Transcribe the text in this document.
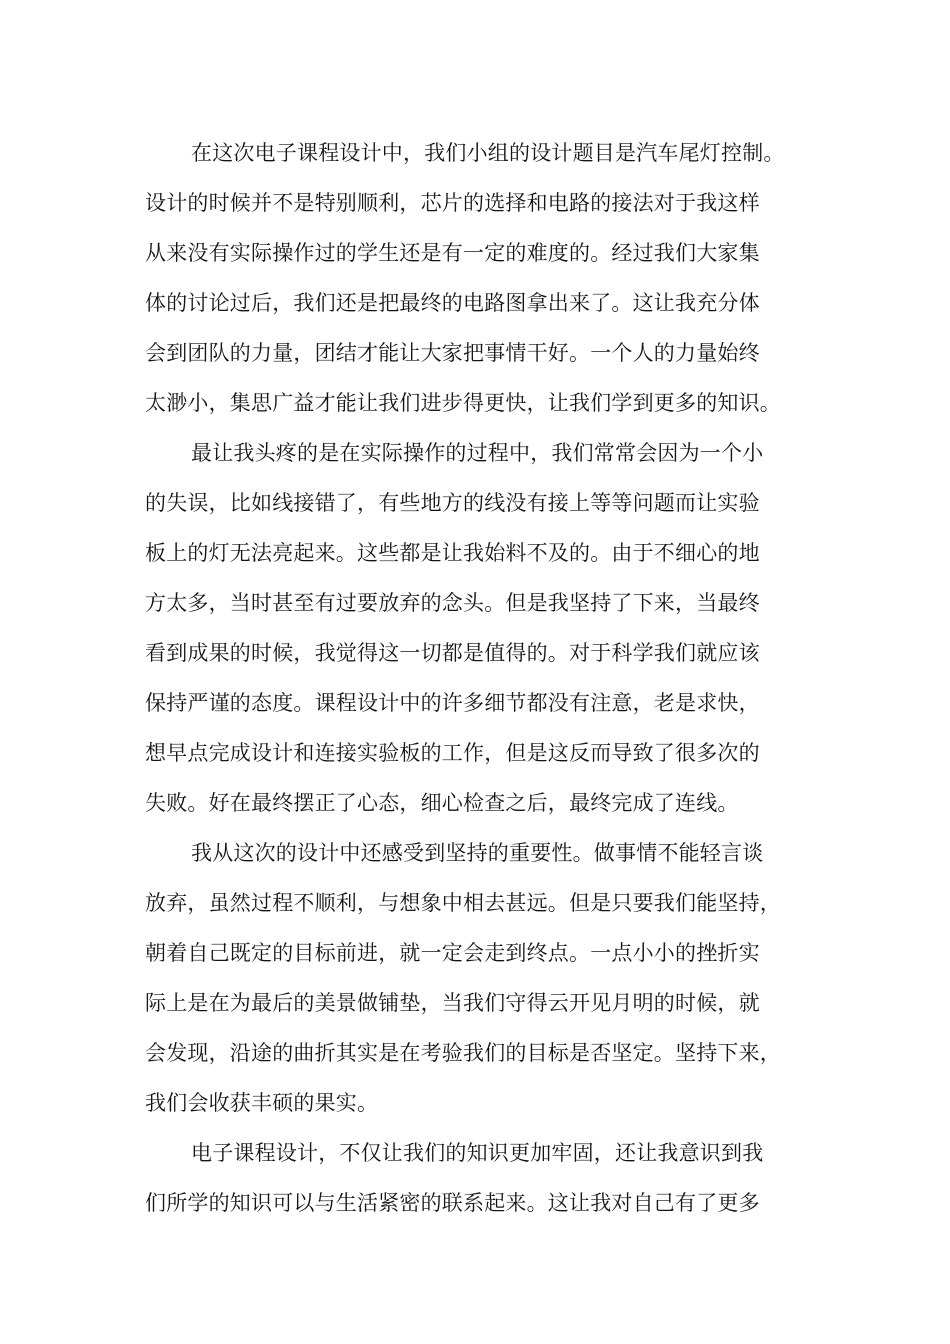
在这次电子课程设计中，我们小组的设计题目是汽车尾灯控制。
设计的时候并不是特别顺利，芯片的选择和电路的接法对于我这样
从来没有实际操作过的学生还是有一定的难度的。经过我们大家集
体的讨论过后，我们还是把最终的电路图拿出来了。这让我充分体
会到团队的力量，团结才能让大家把事情干好。一个人的力量始终
太渺小，集思广益才能让我们进步得更快，让我们学到更多的知识。
最让我头疼的是在实际操作的过程中，我们常常会因为一个小
的失误，比如线接错了，有些地方的线没有接上等等问题而让实验
板上的灯无法亮起来。这些都是让我始料不及的。由于不细心的地
方太多，当时甚至有过要放弃的念头。但是我坚持了下来，当最终
看到成果的时候，我觉得这一切都是值得的。对于科学我们就应该
保持严谨的态度。课程设计中的许多细节都没有注意，老是求快，
想早点完成设计和连接实验板的工作，但是这反而导致了很多次的
失败。好在最终摆正了心态，细心检查之后，最终完成了连线。
我从这次的设计中还感受到坚持的重要性。做事情不能轻言谈
放弃，虽然过程不顺利，与想象中相去甚远。但是只要我们能坚持，
朝着自己既定的目标前进，就一定会走到终点。一点小小的挫折实
际上是在为最后的美景做铺垫，当我们守得云开见月明的时候，就
会发现，沿途的曲折其实是在考验我们的目标是否坚定。坚持下来，
我们会收获丰硕的果实。
电子课程设计，不仅让我们的知识更加牢固，还让我意识到我
们所学的知识可以与生活紧密的联系起来。这让我对自己有了更多
